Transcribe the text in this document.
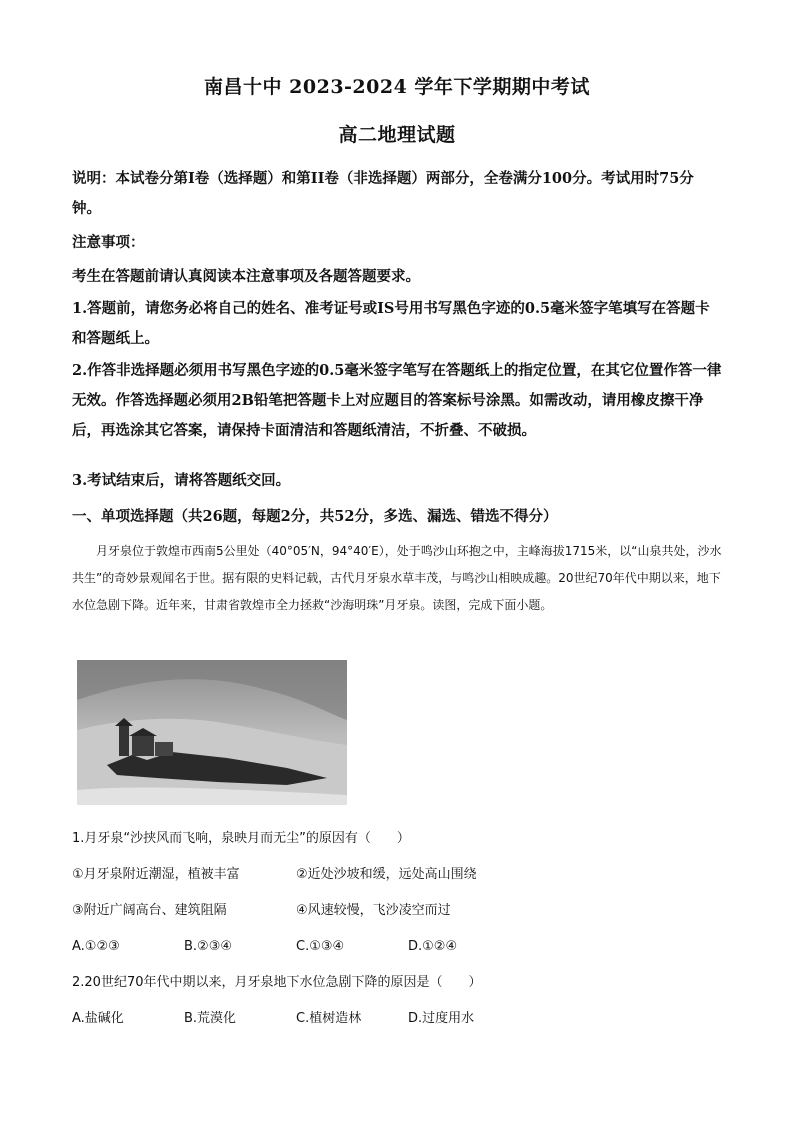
南昌十中 2023-2024 学年下学期期中考试
高二地理试题
说明：本试卷分第Ⅰ卷（选择题）和第II卷（非选择题）两部分，全卷满分100分。考试用时75分钟。
注意事项：
考生在答题前请认真阅读本注意事项及各题答题要求。
1.答题前，请您务必将自己的姓名、准考证号或IS号用书写黑色字迹的0.5毫米签字笔填写在答题卡和答题纸上。
2.作答非选择题必须用书写黑色字迹的0.5毫米签字笔写在答题纸上的指定位置，在其它位置作答一律无效。作答选择题必须用2B铅笔把答题卡上对应题目的答案标号涂黑。如需改动，请用橡皮擦干净后，再选涂其它答案，请保持卡面清洁和答题纸清洁，不折叠、不破损。
3.考试结束后，请将答题纸交回。
一、单项选择题（共26题，每题2分，共52分，多选、漏选、错选不得分）
月牙泉位于敦煌市西南5公里处（40°05′N，94°40′E），处于鸣沙山环抱之中，主峰海拔1715米，以“山泉共处，沙水共生”的奇妙景观闻名于世。据有限的史料记载，古代月牙泉水草丰茂，与鸣沙山相映成趣。20世纪70年代中期以来，地下水位急剧下降。近年来，甘肃省敦煌市全力拯救“沙海明珠”月牙泉。读图，完成下面小题。
1.月牙泉“沙挟风而飞响，泉映月而无尘”的原因有（　　）
①月牙泉附近潮湿，植被丰富	②近处沙坡和缓，远处高山围绕
③附近广阔高台、建筑阻隔	④风速较慢，飞沙凌空而过
A.①②③	B.②③④	C.①③④	D.①②④
2.20世纪70年代中期以来，月牙泉地下水位急剧下降的原因是（　　）
A.盐碱化	B.荒漠化	C.植树造林	D.过度用水
